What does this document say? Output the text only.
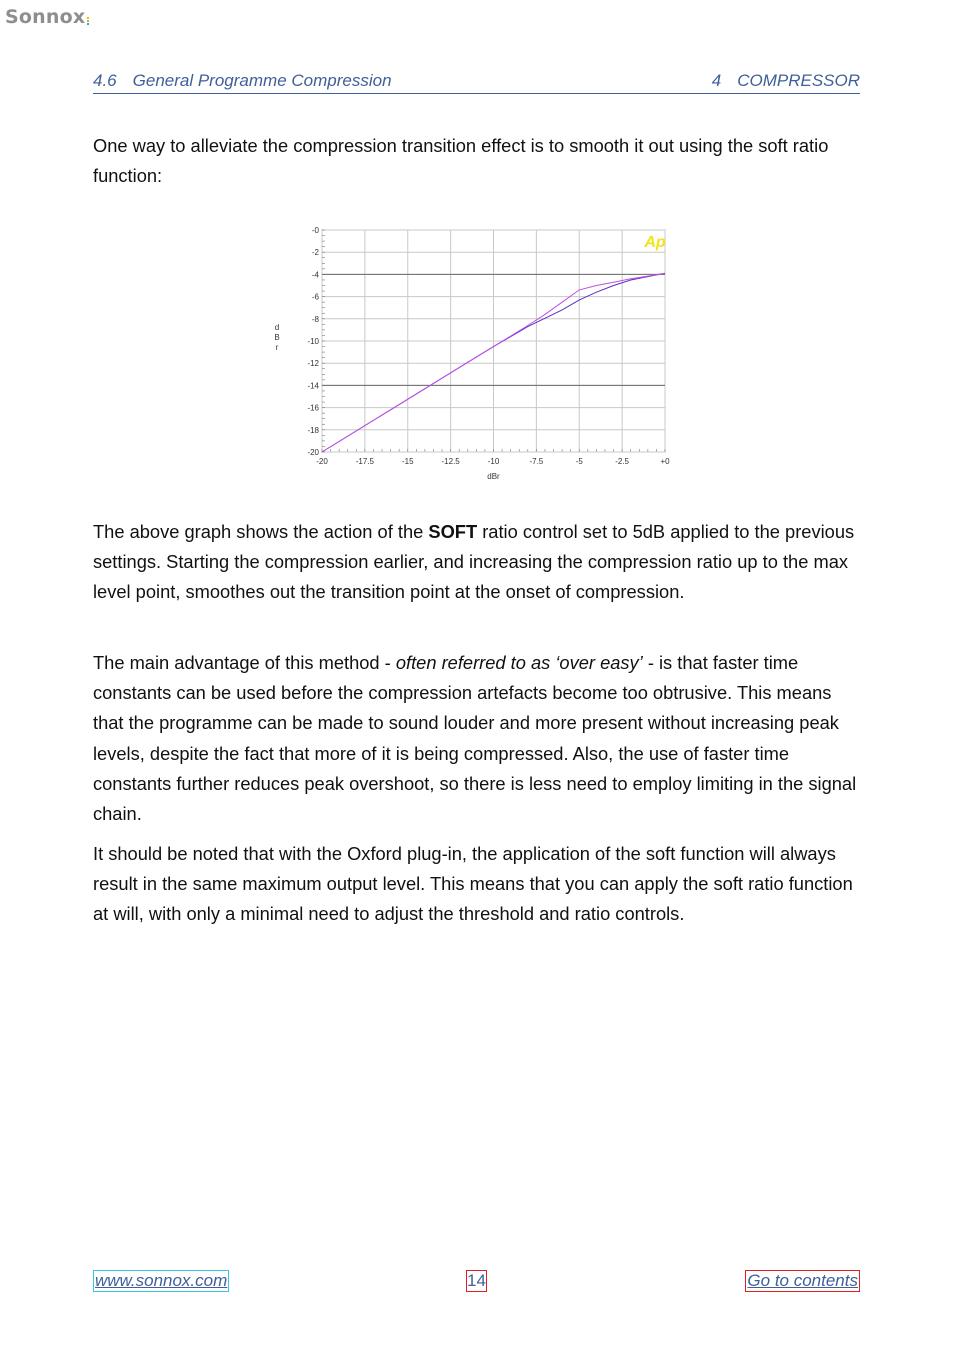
Sonnox
4.6 General Programme Compression	4 COMPRESSOR

One way to alleviate the compression transition effect is to smooth it out using the soft ratio function:

-20	-17.5	-15	-12.5	-10	-7.5	-5	-2.5	+0
-0
-2
-4
-6
-8
-10
-12
-14
-16
-18
-20
Ap
dBr
d B r

The above graph shows the action of the SOFT ratio control set to 5dB applied to the previous settings. Starting the compression earlier, and increasing the compression ratio up to the max level point, smoothes out the transition point at the onset of compression.

The main advantage of this method - often referred to as ‘over easy’ - is that faster time constants can be used before the compression artefacts become too obtrusive. This means that the programme can be made to sound louder and more present without increasing peak levels, despite the fact that more of it is being compressed. Also, the use of faster time constants further reduces peak overshoot, so there is less need to employ limiting in the signal chain.

It should be noted that with the Oxford plug-in, the application of the soft function will always result in the same maximum output level. This means that you can apply the soft ratio function at will, with only a minimal need to adjust the threshold and ratio controls.

www.sonnox.com	14	Go to contents
